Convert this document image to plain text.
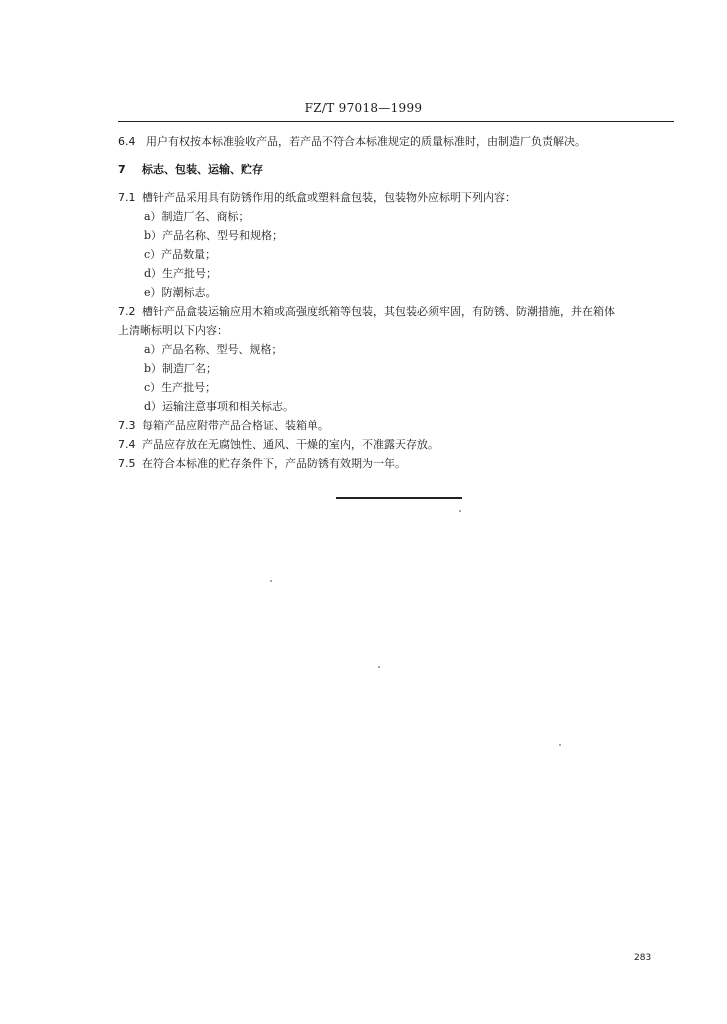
FZ/T 97018—1999
6.4 用户有权按本标准验收产品，若产品不符合本标准规定的质量标准时，由制造厂负责解决。
7 标志、包装、运输、贮存
7.1 槽针产品采用具有防锈作用的纸盒或塑料盒包装，包装物外应标明下列内容：
a）制造厂名、商标；
b）产品名称、型号和规格；
c）产品数量；
d）生产批号；
e）防潮标志。
7.2 槽针产品盒装运输应用木箱或高强度纸箱等包装，其包装必须牢固，有防锈、防潮措施，并在箱体
上清晰标明以下内容：
a）产品名称、型号、规格；
b）制造厂名；
c）生产批号；
d）运输注意事项和相关标志。
7.3 每箱产品应附带产品合格证、装箱单。
7.4 产品应存放在无腐蚀性、通风、干燥的室内，不准露天存放。
7.5 在符合本标准的贮存条件下，产品防锈有效期为一年。
283
